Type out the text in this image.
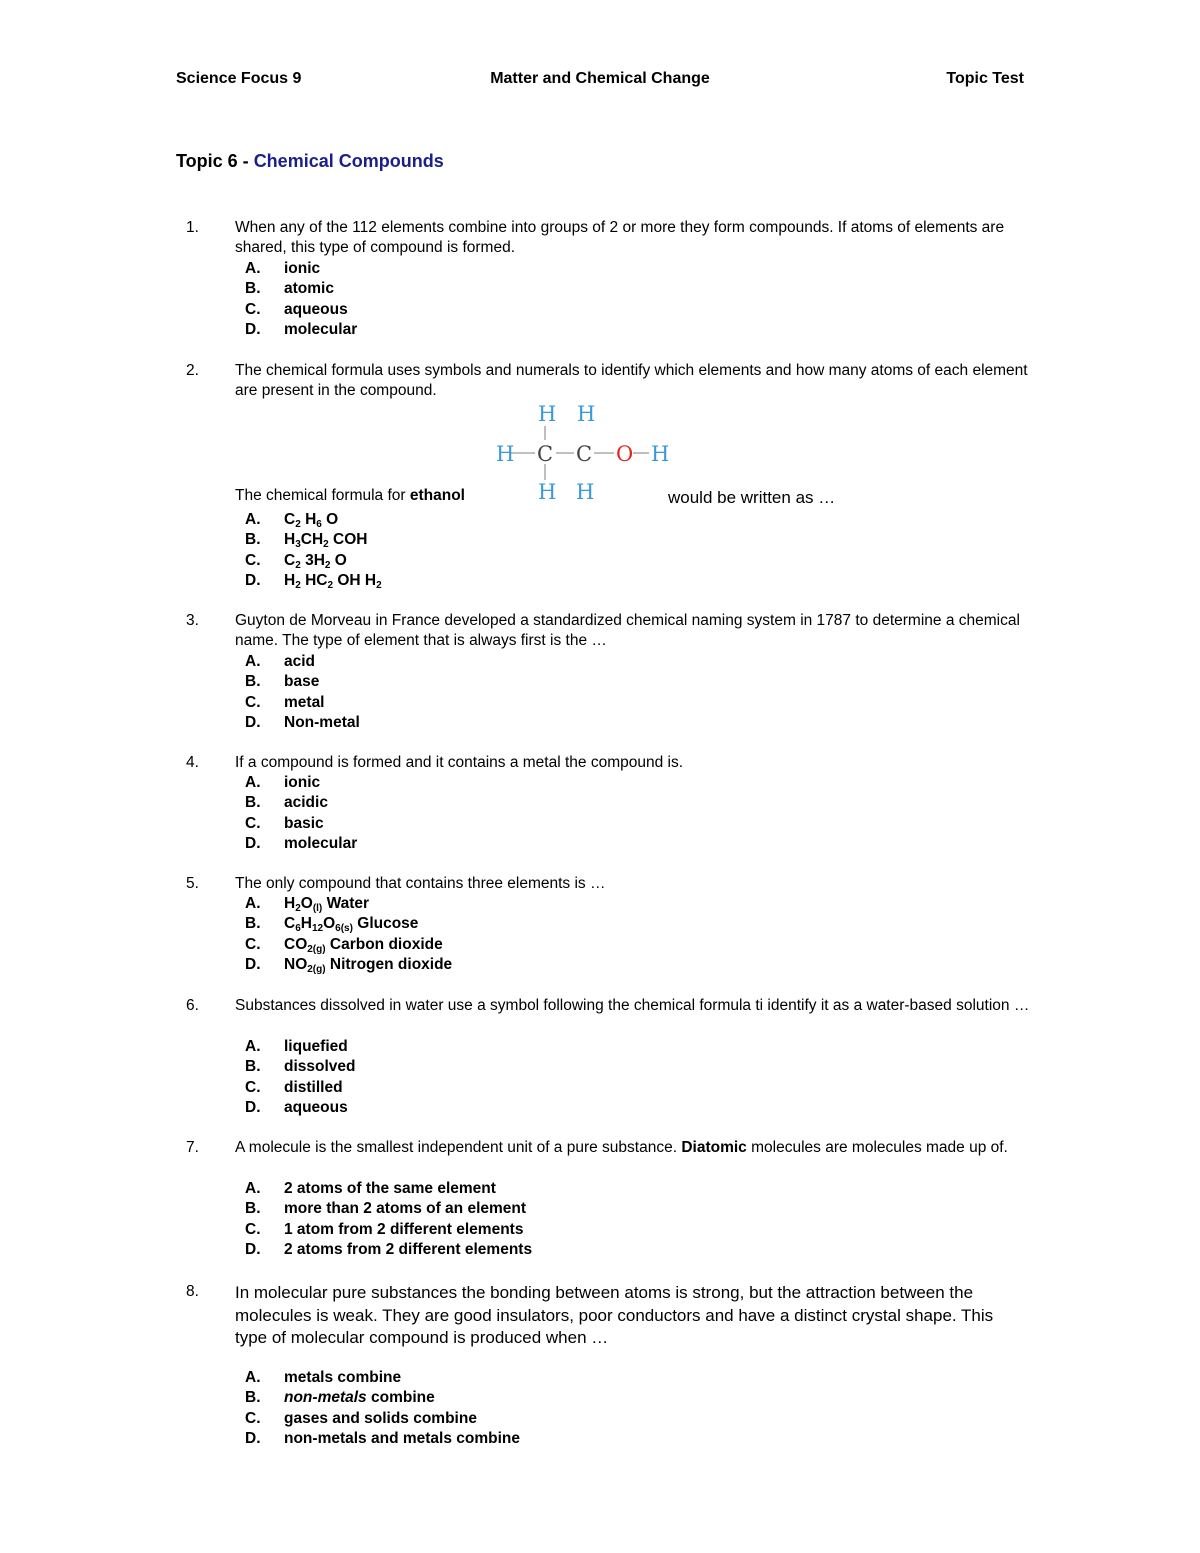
Science Focus 9	Matter and Chemical Change	Topic Test
Topic 6 - Chemical Compounds
1. When any of the 112 elements combine into groups of 2 or more they form compounds. If atoms of elements are shared, this type of compound is formed.
A. ionic
B. atomic
C. aqueous
D. molecular
2. The chemical formula uses symbols and numerals to identify which elements and how many atoms of each element are present in the compound.
H H
H C C O H
H H
The chemical formula for ethanol	would be written as …
A. $C_2$ $H_6$ O
B. $H_3CH_2$ COH
C. $C_2$ $3H_2$ O
D. $H_2$ $HC_2$ OH $H_2$
3. Guyton de Morveau in France developed a standardized chemical naming system in 1787 to determine a chemical name. The type of element that is always first is the …
A. acid
B. base
C. metal
D. Non-metal
4. If a compound is formed and it contains a metal the compound is.
A. ionic
B. acidic
C. basic
D. molecular
5. The only compound that contains three elements is …
A. $H_2O_{(l)}$ Water
B. $C_6H_{12}O_{6(s)}$ Glucose
C. $CO_{2(g)}$ Carbon dioxide
D. $NO_{2(g)}$ Nitrogen dioxide
6. Substances dissolved in water use a symbol following the chemical formula ti identify it as a water-based solution …
A. liquefied
B. dissolved
C. distilled
D. aqueous
7. A molecule is the smallest independent unit of a pure substance. Diatomic molecules are molecules made up of.
A. 2 atoms of the same element
B. more than 2 atoms of an element
C. 1 atom from 2 different elements
D. 2 atoms from 2 different elements
8. In molecular pure substances the bonding between atoms is strong, but the attraction between the molecules is weak. They are good insulators, poor conductors and have a distinct crystal shape. This type of molecular compound is produced when …
A. metals combine
B. non-metals combine
C. gases and solids combine
D. non-metals and metals combine
